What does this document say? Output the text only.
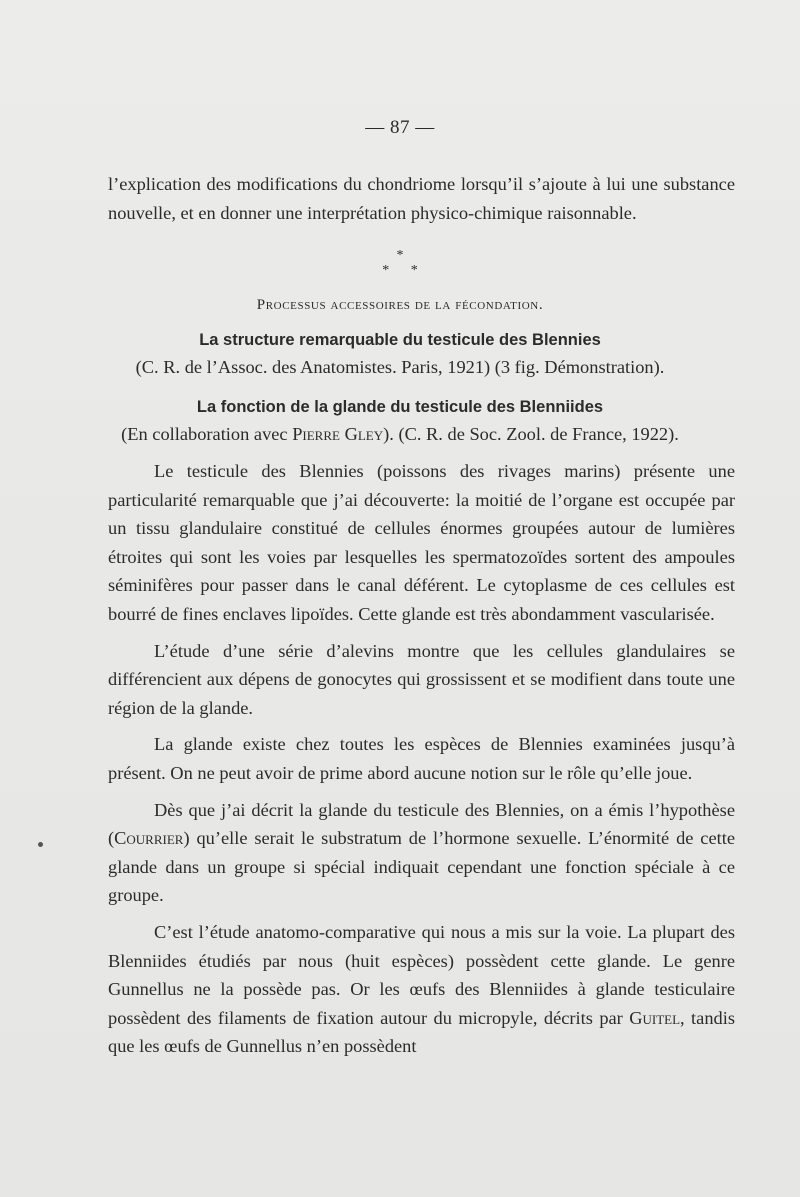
— 87 —

l’explication des modifications du chondriome lorsqu’il s’ajoute à lui une substance nouvelle, et en donner une interprétation physico-chimique raisonnable.

*
* *
Processus accessoires de la fécondation.
La structure remarquable du testicule des Blennies
(C. R. de l’Assoc. des Anatomistes. Paris, 1921) (3 fig. Démonstration).
La fonction de la glande du testicule des Blenniides
(En collaboration avec Pierre Gley). (C. R. de Soc. Zool. de France, 1922).

Le testicule des Blennies (poissons des rivages marins) présente une particularité remarquable que j’ai découverte: la moitié de l’organe est occupée par un tissu glandulaire constitué de cellules énormes groupées autour de lumières étroites qui sont les voies par lesquelles les spermatozoïdes sortent des ampoules séminifères pour passer dans le canal déférent. Le cytoplasme de ces cellules est bourré de fines enclaves lipoïdes. Cette glande est très abondamment vascularisée.

L’étude d’une série d’alevins montre que les cellules glandulaires se différencient aux dépens de gonocytes qui grossissent et se modifient dans toute une région de la glande.

La glande existe chez toutes les espèces de Blennies examinées jusqu’à présent. On ne peut avoir de prime abord aucune notion sur le rôle qu’elle joue.

Dès que j’ai décrit la glande du testicule des Blennies, on a émis l’hypothèse (Courrier) qu’elle serait le substratum de l’hormone sexuelle. L’énormité de cette glande dans un groupe si spécial indiquait cependant une fonction spéciale à ce groupe.

C’est l’étude anatomo-comparative qui nous a mis sur la voie. La plupart des Blenniides étudiés par nous (huit espèces) possèdent cette glande. Le genre Gunnellus ne la possède pas. Or les œufs des Blenniides à glande testiculaire possèdent des filaments de fixation autour du micropyle, décrits par Guitel, tandis que les œufs de Gunnellus n’en possèdent
